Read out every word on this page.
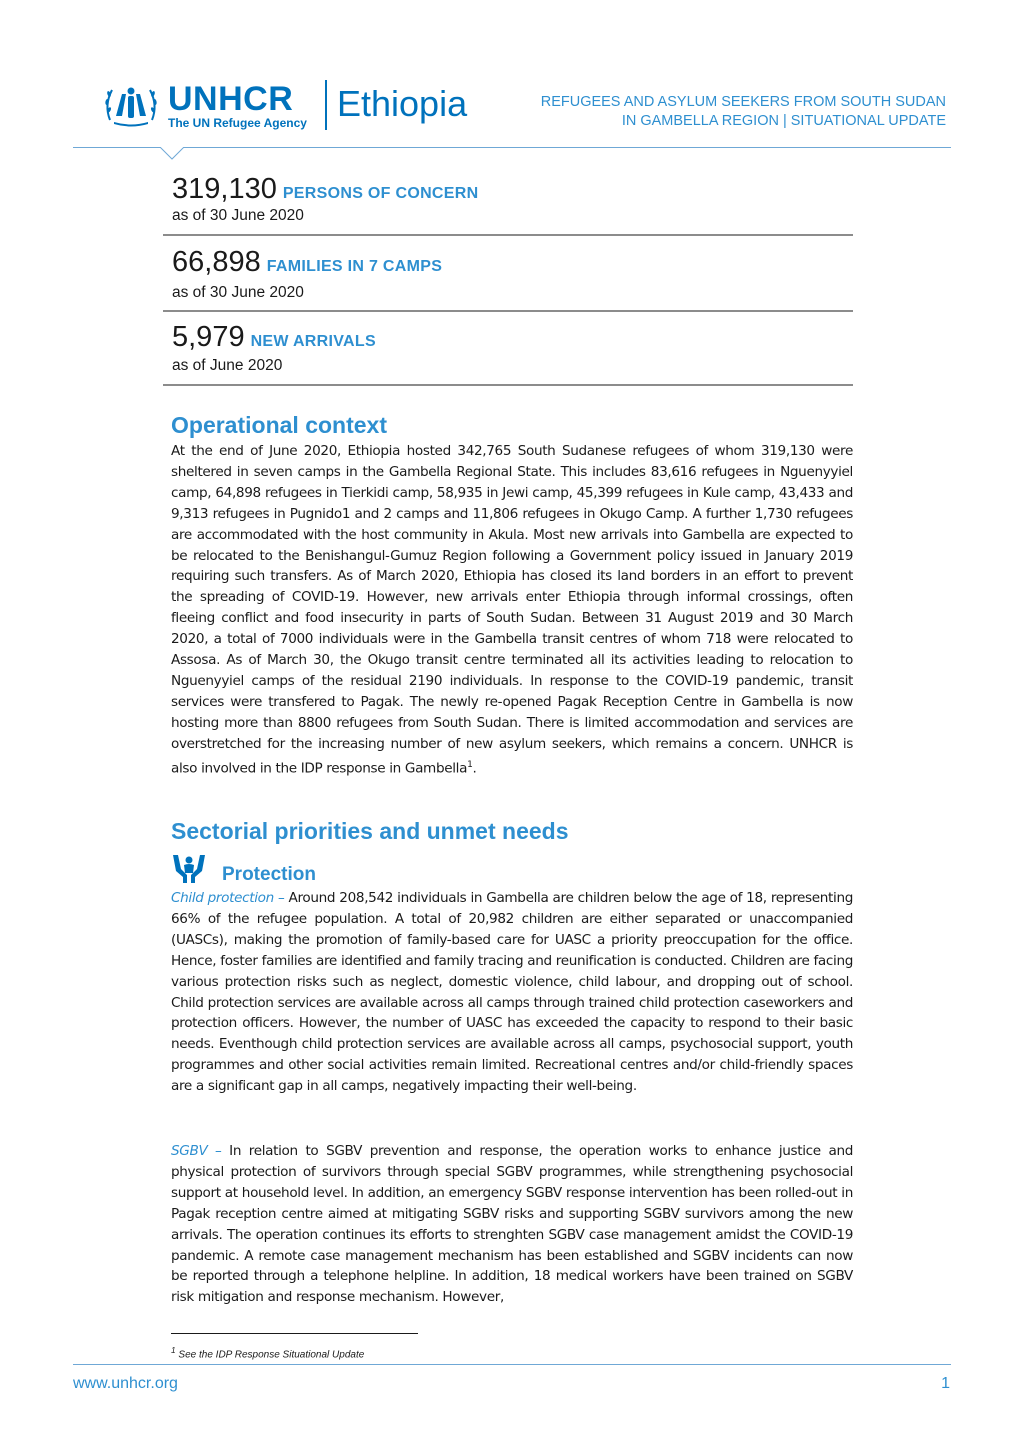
UNHCR
The UN Refugee Agency Ethiopia	REFUGEES AND ASYLUM SEEKERS FROM SOUTH SUDAN
IN GAMBELLA REGION | SITUATIONAL UPDATE
319,130 PERSONS OF CONCERN
as of 30 June 2020
66,898 FAMILIES IN 7 CAMPS
as of 30 June 2020
5,979 NEW ARRIVALS
as of June 2020
Operational context
At the end of June 2020, Ethiopia hosted 342,765 South Sudanese refugees of whom 319,130 were sheltered in seven camps in the Gambella Regional State. This includes 83,616 refugees in Nguenyyiel camp, 64,898 refugees in Tierkidi camp, 58,935 in Jewi camp, 45,399 refugees in Kule camp, 43,433 and 9,313 refugees in Pugnido1 and 2 camps and 11,806 refugees in Okugo Camp. A further 1,730 refugees are accommodated with the host community in Akula. Most new arrivals into Gambella are expected to be relocated to the Benishangul-Gumuz Region following a Government policy issued in January 2019 requiring such transfers. As of March 2020, Ethiopia has closed its land borders in an effort to prevent the spreading of COVID-19. However, new arrivals enter Ethiopia through informal crossings, often fleeing conflict and food insecurity in parts of South Sudan. Between 31 August 2019 and 30 March 2020, a total of 7000 individuals were in the Gambella transit centres of whom 718 were relocated to Assosa. As of March 30, the Okugo transit centre terminated all its activities leading to relocation to Nguenyyiel camps of the residual 2190 individuals. In response to the COVID-19 pandemic, transit services were transfered to Pagak. The newly re-opened Pagak Reception Centre in Gambella is now hosting more than 8800 refugees from South Sudan. There is limited accommodation and services are overstretched for the increasing number of new asylum seekers, which remains a concern. UNHCR is also involved in the IDP response in Gambella$^1$.
Sectorial priorities and unmet needs
Protection
Child protection – Around 208,542 individuals in Gambella are children below the age of 18, representing 66% of the refugee population. A total of 20,982 children are either separated or unaccompanied (UASCs), making the promotion of family-based care for UASC a priority preoccupation for the office. Hence, foster families are identified and family tracing and reunification is conducted. Children are facing various protection risks such as neglect, domestic violence, child labour, and dropping out of school. Child protection services are available across all camps through trained child protection caseworkers and protection officers. However, the number of UASC has exceeded the capacity to respond to their basic needs. Eventhough child protection services are available across all camps, psychosocial support, youth programmes and other social activities remain limited. Recreational centres and/or child-friendly spaces are a significant gap in all camps, negatively impacting their well-being.
SGBV – In relation to SGBV prevention and response, the operation works to enhance justice and physical protection of survivors through special SGBV programmes, while strengthening psychosocial support at household level. In addition, an emergency SGBV response intervention has been rolled-out in Pagak reception centre aimed at mitigating SGBV risks and supporting SGBV survivors among the new arrivals. The operation continues its efforts to strenghten SGBV case management amidst the COVID-19 pandemic. A remote case management mechanism has been established and SGBV incidents can now be reported through a telephone helpline. In addition, 18 medical workers have been trained on SGBV risk mitigation and response mechanism. However,
$^1$ See the IDP Response Situational Update
www.unhcr.org	1
